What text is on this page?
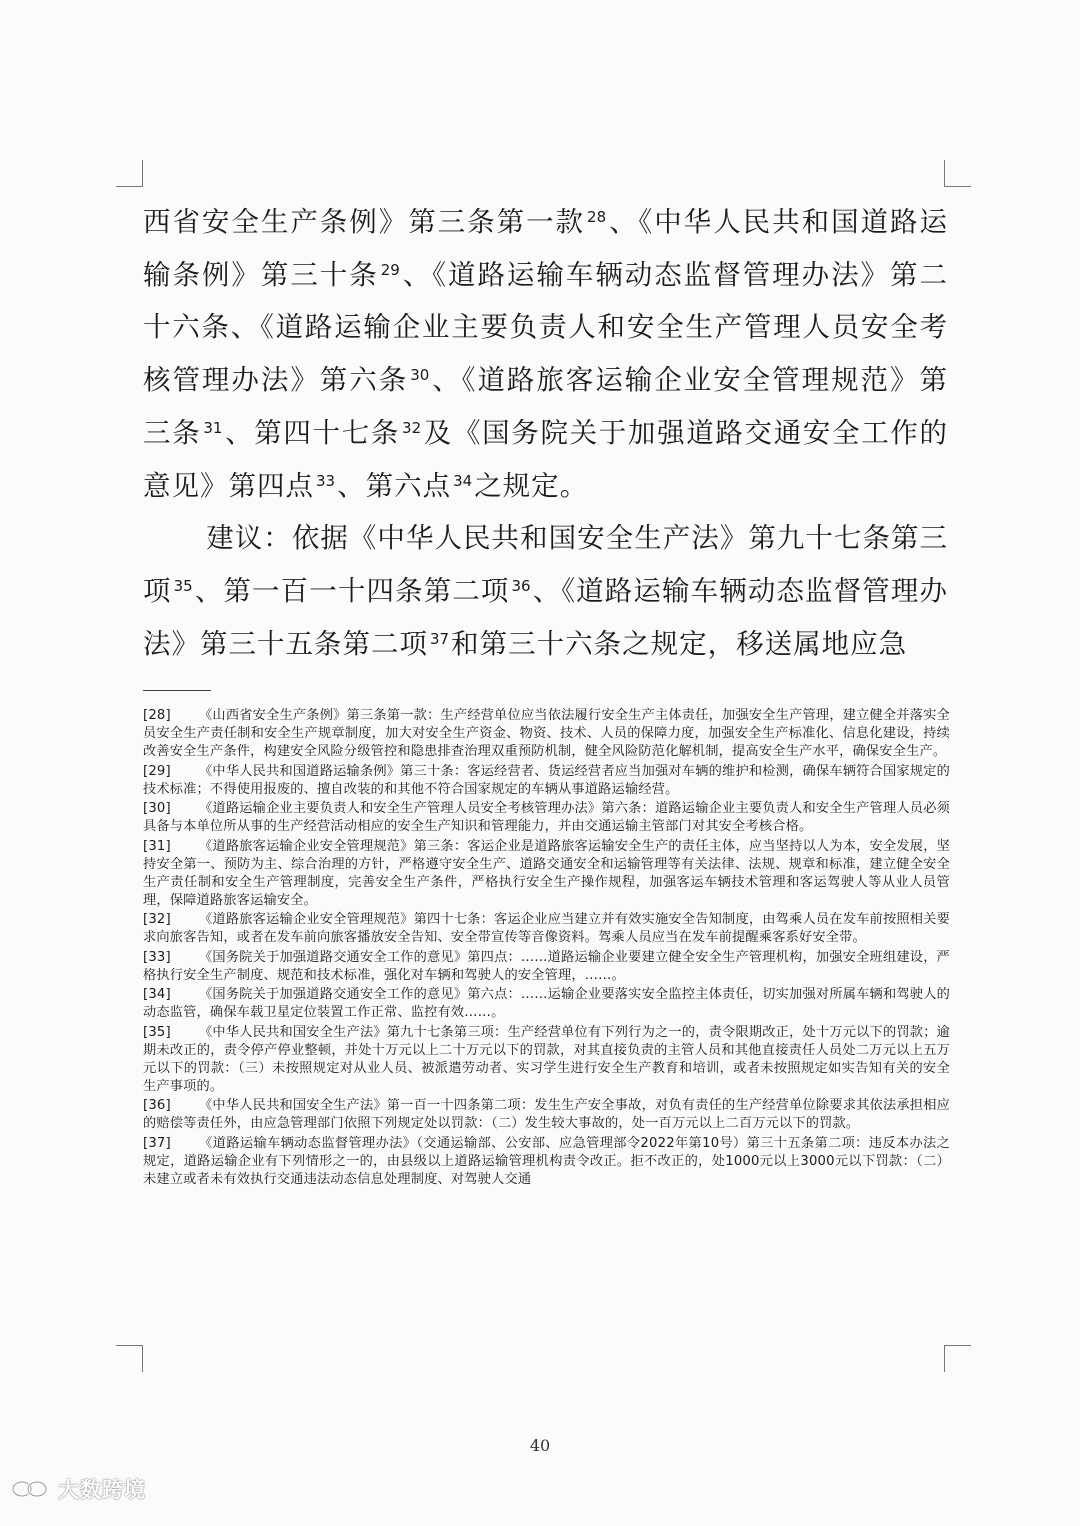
西省安全生产条例》第三条第一款 $^{28}$、《中华人民共和国道路运输条例》第三十条 $^{29}$、《道路运输车辆动态监督管理办法》第二十六条、《道路运输企业主要负责人和安全生产管理人员安全考核管理办法》第六条 $^{30}$、《道路旅客运输企业安全管理规范》第三条 $^{31}$、第四十七条 $^{32}$及《国务院关于加强道路交通安全工作的意见》第四点 $^{33}$、第六点 $^{34}$之规定。

建议：依据《中华人民共和国安全生产法》第九十七条第三项 $^{35}$、第一百一十四条第二项 $^{36}$、《道路运输车辆动态监督管理办法》第三十五条第二项 $^{37}$和第三十六条之规定，移送属地应急

[28] 《山西省安全生产条例》第三条第一款：生产经营单位应当依法履行安全生产主体责任，加强安全生产管理，建立健全并落实全员安全生产责任制和安全生产规章制度，加大对安全生产资金、物资、技术、人员的保障力度，加强安全生产标准化、信息化建设，持续改善安全生产条件，构建安全风险分级管控和隐患排查治理双重预防机制，健全风险防范化解机制，提高安全生产水平，确保安全生产。

[29] 《中华人民共和国道路运输条例》第三十条：客运经营者、货运经营者应当加强对车辆的维护和检测，确保车辆符合国家规定的技术标准；不得使用报废的、擅自改装的和其他不符合国家规定的车辆从事道路运输经营。

[30] 《道路运输企业主要负责人和安全生产管理人员安全考核管理办法》第六条：道路运输企业主要负责人和安全生产管理人员必须具备与本单位所从事的生产经营活动相应的安全生产知识和管理能力，并由交通运输主管部门对其安全考核合格。

[31] 《道路旅客运输企业安全管理规范》第三条：客运企业是道路旅客运输安全生产的责任主体，应当坚持以人为本，安全发展，坚持安全第一、预防为主、综合治理的方针，严格遵守安全生产、道路交通安全和运输管理等有关法律、法规、规章和标准，建立健全安全生产责任制和安全生产管理制度，完善安全生产条件，严格执行安全生产操作规程，加强客运车辆技术管理和客运驾驶人等从业人员管理，保障道路旅客运输安全。

[32] 《道路旅客运输企业安全管理规范》第四十七条：客运企业应当建立并有效实施安全告知制度，由驾乘人员在发车前按照相关要求向旅客告知，或者在发车前向旅客播放安全告知、安全带宣传等音像资料。驾乘人员应当在发车前提醒乘客系好安全带。

[33] 《国务院关于加强道路交通安全工作的意见》第四点：……道路运输企业要建立健全安全生产管理机构，加强安全班组建设，严格执行安全生产制度、规范和技术标准，强化对车辆和驾驶人的安全管理，……。

[34] 《国务院关于加强道路交通安全工作的意见》第六点：……运输企业要落实安全监控主体责任，切实加强对所属车辆和驾驶人的动态监管，确保车载卫星定位装置工作正常、监控有效……。

[35] 《中华人民共和国安全生产法》第九十七条第三项：生产经营单位有下列行为之一的，责令限期改正，处十万元以下的罚款；逾期未改正的，责令停产停业整顿，并处十万元以上二十万元以下的罚款，对其直接负责的主管人员和其他直接责任人员处二万元以上五万元以下的罚款：（三）未按照规定对从业人员、被派遣劳动者、实习学生进行安全生产教育和培训，或者未按照规定如实告知有关的安全生产事项的。

[36] 《中华人民共和国安全生产法》第一百一十四条第二项：发生生产安全事故，对负有责任的生产经营单位除要求其依法承担相应的赔偿等责任外，由应急管理部门依照下列规定处以罚款：（二）发生较大事故的，处一百万元以上二百万元以下的罚款。

[37] 《道路运输车辆动态监督管理办法》（交通运输部、公安部、应急管理部令2022年第10号）第三十五条第二项：违反本办法之规定，道路运输企业有下列情形之一的，由县级以上道路运输管理机构责令改正。拒不改正的，处1000元以上3000元以下罚款：（二）未建立或者未有效执行交通违法动态信息处理制度、对驾驶人交通

40
大数跨境
